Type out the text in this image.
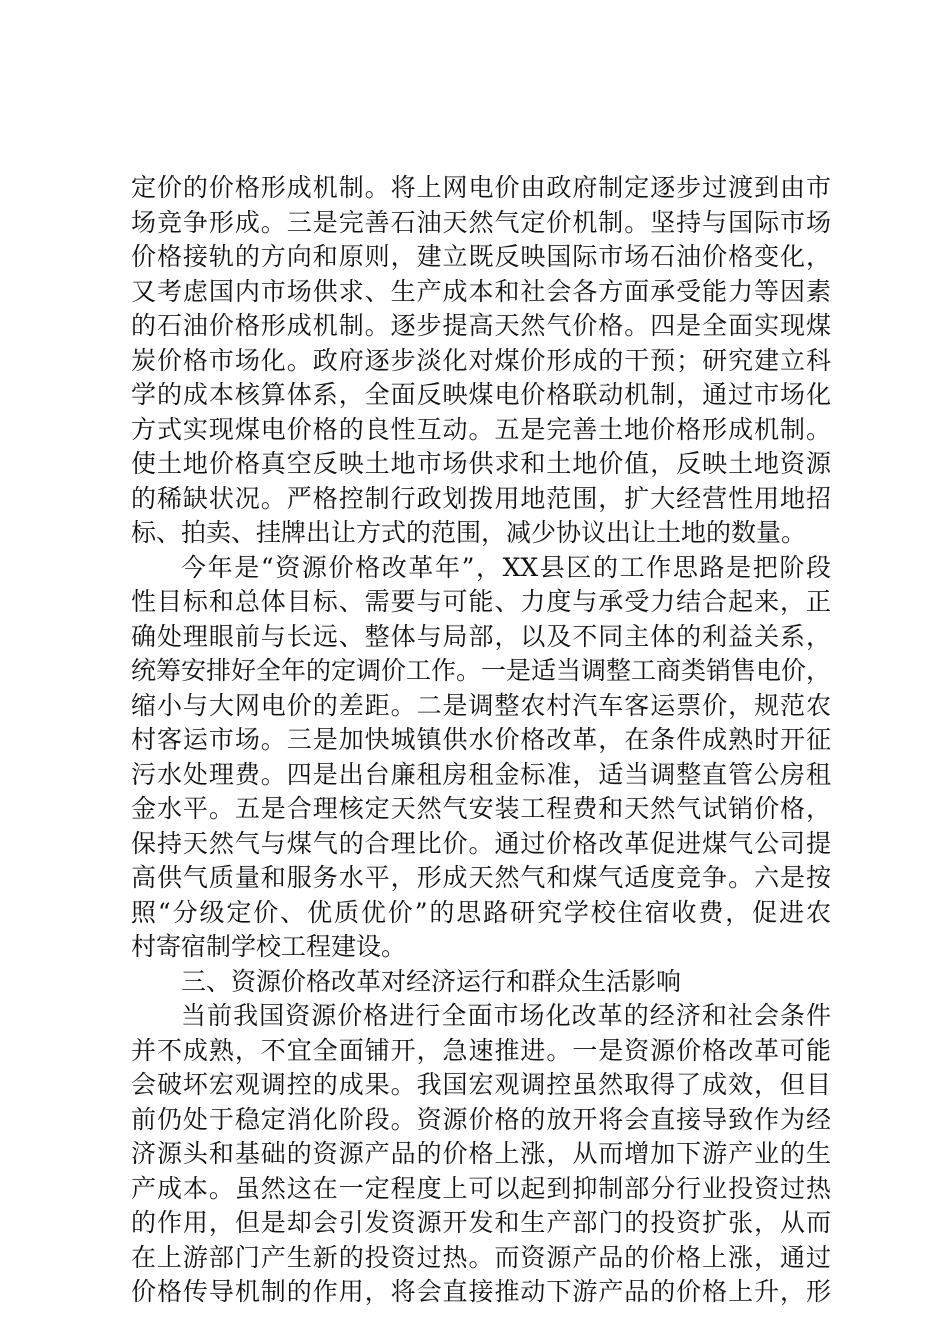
定价的价格形成机制。将上网电价由政府制定逐步过渡到由市
场竞争形成。三是完善石油天然气定价机制。坚持与国际市场
价格接轨的方向和原则，建立既反映国际市场石油价格变化，
又考虑国内市场供求、生产成本和社会各方面承受能力等因素
的石油价格形成机制。逐步提高天然气价格。四是全面实现煤
炭价格市场化。政府逐步淡化对煤价形成的干预；研究建立科
学的成本核算体系，全面反映煤电价格联动机制，通过市场化
方式实现煤电价格的良性互动。五是完善土地价格形成机制。
使土地价格真空反映土地市场供求和土地价值，反映土地资源
的稀缺状况。严格控制行政划拨用地范围，扩大经营性用地招
标、拍卖、挂牌出让方式的范围，减少协议出让土地的数量。
今年是“资源价格改革年”，XX县区的工作思路是把阶段
性目标和总体目标、需要与可能、力度与承受力结合起来，正
确处理眼前与长远、整体与局部，以及不同主体的利益关系，
统筹安排好全年的定调价工作。一是适当调整工商类销售电价，
缩小与大网电价的差距。二是调整农村汽车客运票价，规范农
村客运市场。三是加快城镇供水价格改革，在条件成熟时开征
污水处理费。四是出台廉租房租金标准，适当调整直管公房租
金水平。五是合理核定天然气安装工程费和天然气试销价格，
保持天然气与煤气的合理比价。通过价格改革促进煤气公司提
高供气质量和服务水平，形成天然气和煤气适度竞争。六是按
照“分级定价、优质优价”的思路研究学校住宿收费，促进农
村寄宿制学校工程建设。
三、资源价格改革对经济运行和群众生活影响
当前我国资源价格进行全面市场化改革的经济和社会条件
并不成熟，不宜全面铺开，急速推进。一是资源价格改革可能
会破坏宏观调控的成果。我国宏观调控虽然取得了成效，但目
前仍处于稳定消化阶段。资源价格的放开将会直接导致作为经
济源头和基础的资源产品的价格上涨，从而增加下游产业的生
产成本。虽然这在一定程度上可以起到抑制部分行业投资过热
的作用，但是却会引发资源开发和生产部门的投资扩张，从而
在上游部门产生新的投资过热。而资源产品的价格上涨，通过
价格传导机制的作用，将会直接推动下游产品的价格上升，形
